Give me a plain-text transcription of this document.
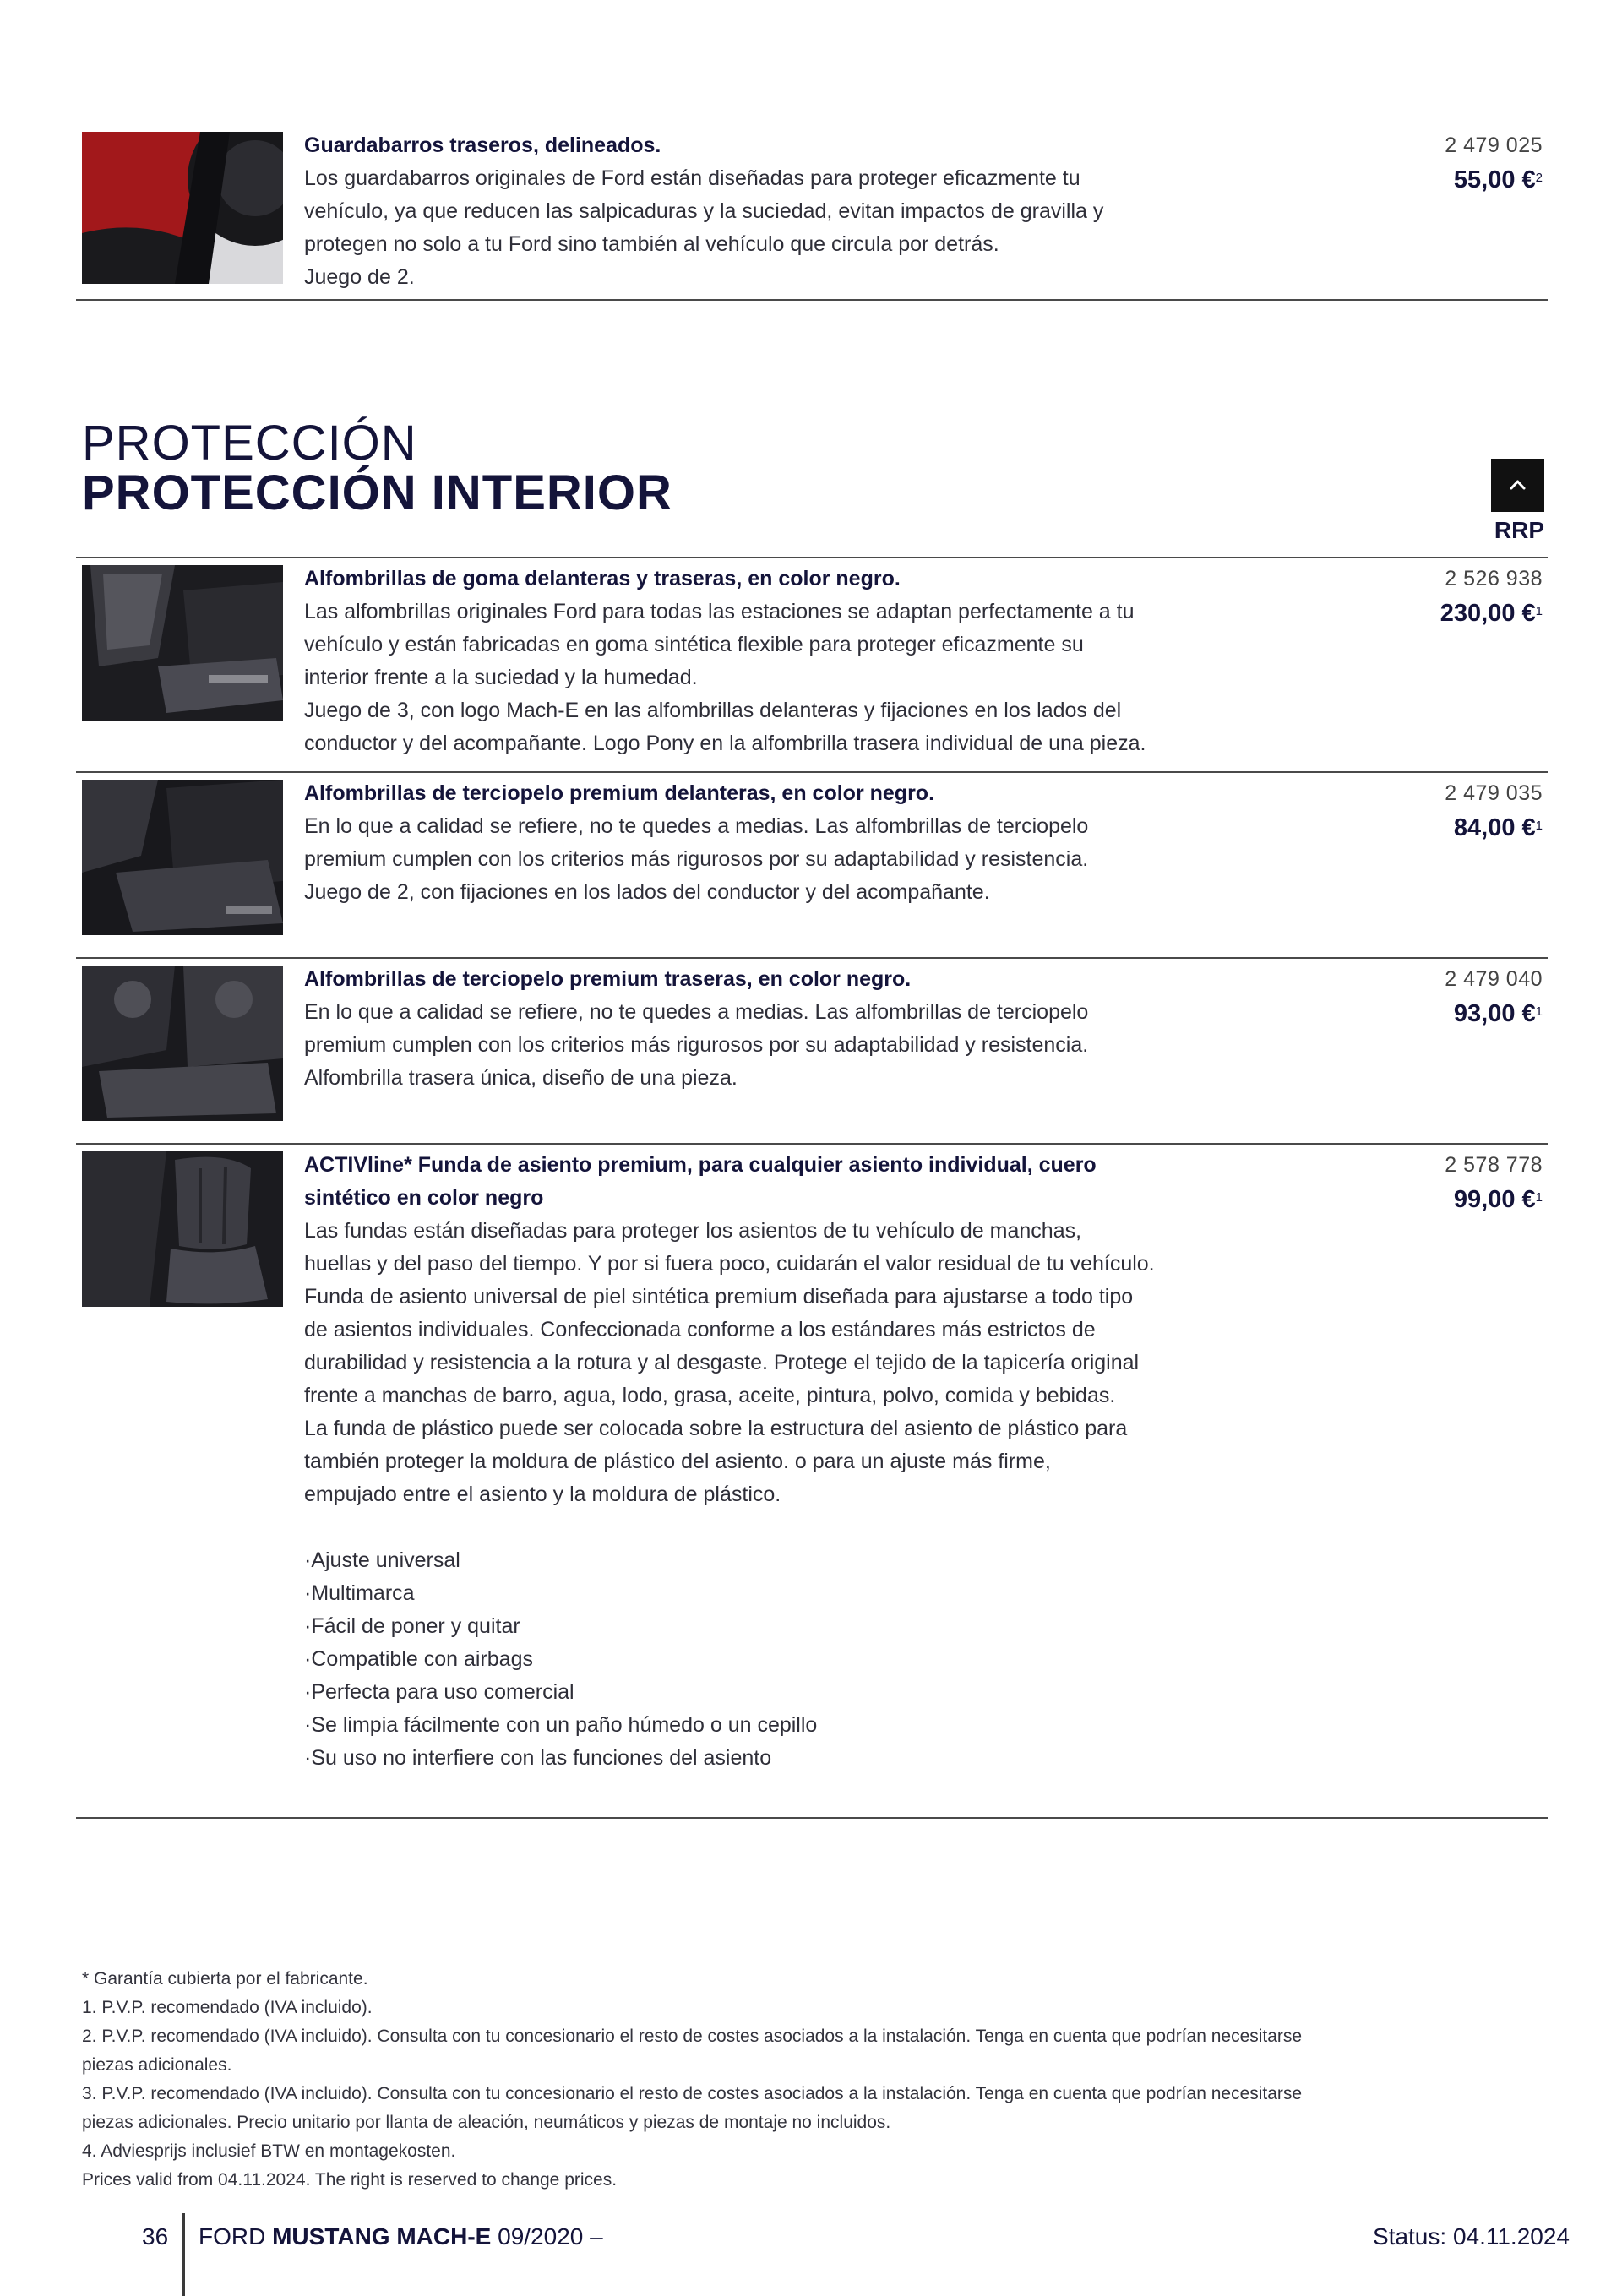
Guardabarros traseros, delineados.
Los guardabarros originales de Ford están diseñadas para proteger eficazmente tu
vehículo, ya que reducen las salpicaduras y la suciedad, evitan impactos de gravilla y
protegen no solo a tu Ford sino también al vehículo que circula por detrás.
Juego de 2.
2 479 025
55,00 €$^2$
PROTECCIÓN
PROTECCIÓN INTERIOR
RRP
Alfombrillas de goma delanteras y traseras, en color negro.
Las alfombrillas originales Ford para todas las estaciones se adaptan perfectamente a tu
vehículo y están fabricadas en goma sintética flexible para proteger eficazmente su
interior frente a la suciedad y la humedad.
Juego de 3, con logo Mach-E en las alfombrillas delanteras y fijaciones en los lados del
conductor y del acompañante. Logo Pony en la alfombrilla trasera individual de una pieza.
2 526 938
230,00 €$^1$
Alfombrillas de terciopelo premium delanteras, en color negro.
En lo que a calidad se refiere, no te quedes a medias. Las alfombrillas de terciopelo
premium cumplen con los criterios más rigurosos por su adaptabilidad y resistencia.
Juego de 2, con fijaciones en los lados del conductor y del acompañante.
2 479 035
84,00 €$^1$
Alfombrillas de terciopelo premium traseras, en color negro.
En lo que a calidad se refiere, no te quedes a medias. Las alfombrillas de terciopelo
premium cumplen con los criterios más rigurosos por su adaptabilidad y resistencia.
Alfombrilla trasera única, diseño de una pieza.
2 479 040
93,00 €$^1$
ACTIVline* Funda de asiento premium, para cualquier asiento individual, cuero
sintético en color negro
Las fundas están diseñadas para proteger los asientos de tu vehículo de manchas,
huellas y del paso del tiempo. Y por si fuera poco, cuidarán el valor residual de tu vehículo.
Funda de asiento universal de piel sintética premium diseñada para ajustarse a todo tipo
de asientos individuales. Confeccionada conforme a los estándares más estrictos de
durabilidad y resistencia a la rotura y al desgaste. Protege el tejido de la tapicería original
frente a manchas de barro, agua, lodo, grasa, aceite, pintura, polvo, comida y bebidas.
La funda de plástico puede ser colocada sobre la estructura del asiento de plástico para
también proteger la moldura de plástico del asiento. o para un ajuste más firme,
empujado entre el asiento y la moldura de plástico.
· Ajuste universal
· Multimarca
· Fácil de poner y quitar
· Compatible con airbags
· Perfecta para uso comercial
· Se limpia fácilmente con un paño húmedo o un cepillo
· Su uso no interfiere con las funciones del asiento
2 578 778
99,00 €$^1$

* Garantía cubierta por el fabricante.

1. P.V.P. recomendado (IVA incluido).

2. P.V.P. recomendado (IVA incluido). Consulta con tu concesionario el resto de costes asociados a la instalación. Tenga en cuenta que podrían necesitarse

piezas adicionales.

3. P.V.P. recomendado (IVA incluido). Consulta con tu concesionario el resto de costes asociados a la instalación. Tenga en cuenta que podrían necesitarse

piezas adicionales. Precio unitario por llanta de aleación, neumáticos y piezas de montaje no incluidos.

4. Adviesprijs inclusief BTW en montagekosten.

Prices valid from 04.11.2024. The right is reserved to change prices.

36 FORD MUSTANG MACH-E 09/2020 –	Status: 04.11.2024
